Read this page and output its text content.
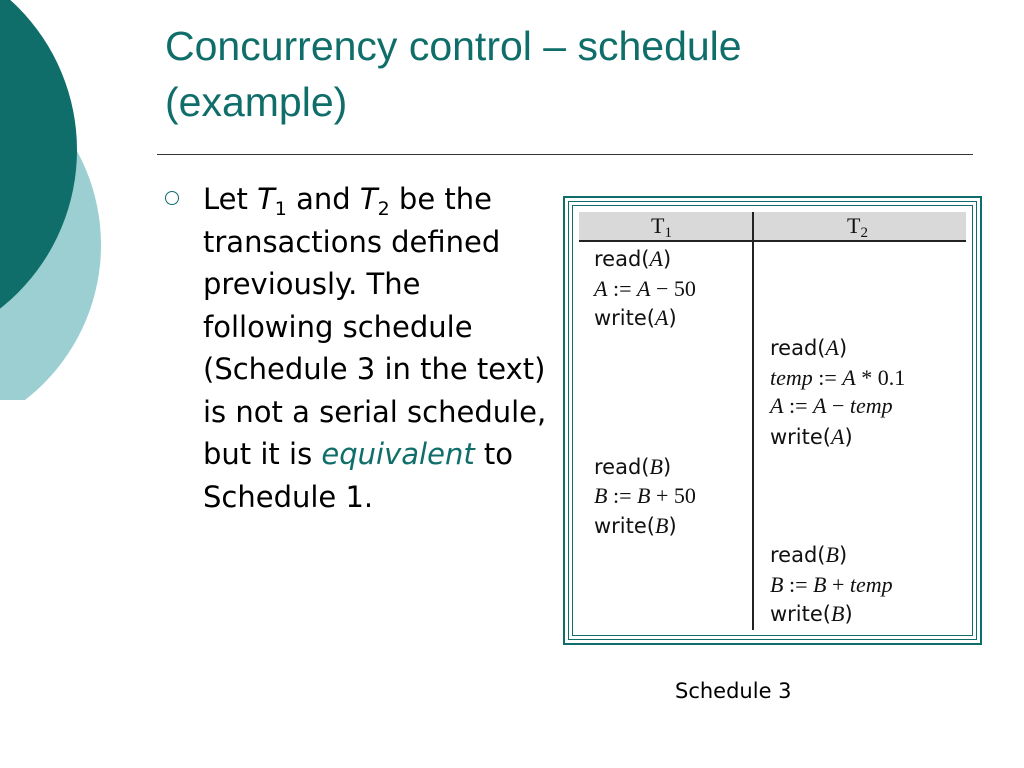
Concurrency control – schedule
(example)
Let $T_1$ and $T_2$ be the transactions defined previously. The following schedule (Schedule 3 in the text) is not a serial schedule, but it is equivalent to Schedule 1.
$T_1$	$T_2$
read(A)
A := A − 50
write(A)
read(A)
temp := A * 0.1
A := A − temp
write(A)
read(B)
B := B + 50
write(B)
read(B)
B := B + temp
write(B)
Schedule 3
